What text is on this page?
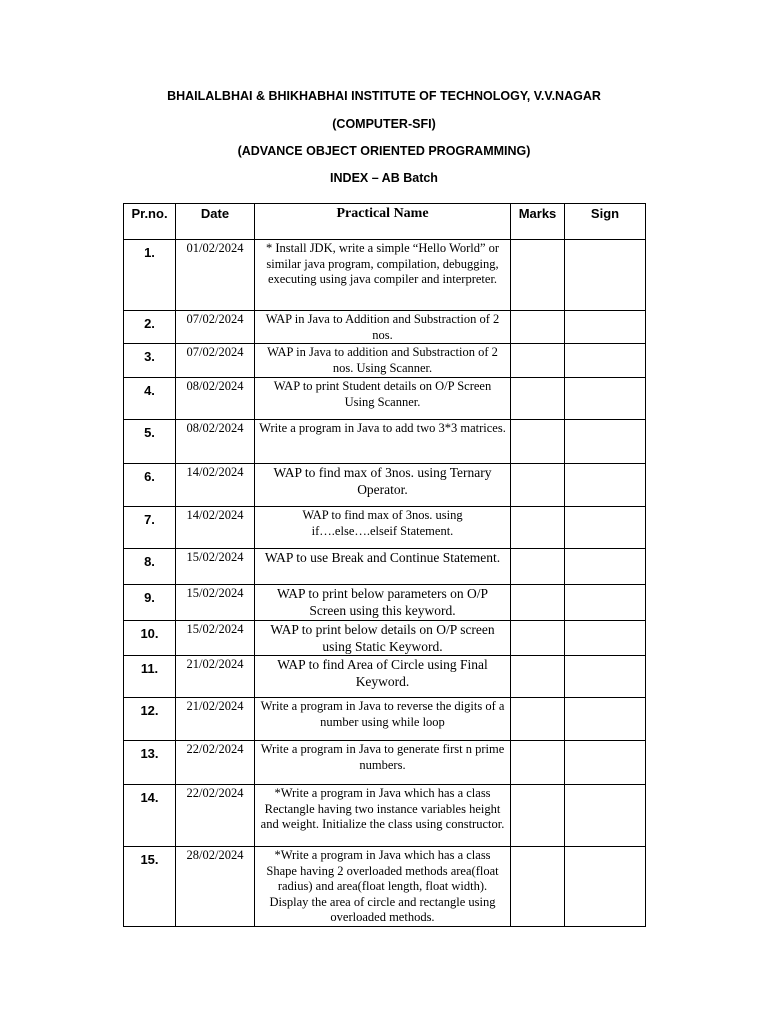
BHAILALBHAI & BHIKHABHAI INSTITUTE OF TECHNOLOGY, V.V.NAGAR
(COMPUTER-SFI)
(ADVANCE OBJECT ORIENTED PROGRAMMING)
INDEX – AB Batch
Pr.no.	Date	Practical Name	Marks	Sign
1.	01/02/2024	* Install JDK, write a simple “Hello World” or similar java program, compilation, debugging, executing using java compiler and interpreter.		
2.	07/02/2024	WAP in Java to Addition and Substraction of 2 nos.		
3.	07/02/2024	WAP in Java to addition and Substraction of 2 nos. Using Scanner.		
4.	08/02/2024	WAP to print Student details on O/P Screen Using Scanner.		
5.	08/02/2024	Write a program in Java to add two 3*3 matrices.		
6.	14/02/2024	WAP to find max of 3nos. using Ternary Operator.		
7.	14/02/2024	WAP to find max of 3nos. using if….else….elseif Statement.		
8.	15/02/2024	WAP to use Break and Continue Statement.		
9.	15/02/2024	WAP to print below parameters on O/P Screen using this keyword.		
10.	15/02/2024	WAP to print below details on O/P screen using Static Keyword.		
11.	21/02/2024	WAP to find Area of Circle using Final Keyword.		
12.	21/02/2024	Write a program in Java to reverse the digits of a number using while loop		
13.	22/02/2024	Write a program in Java to generate first n prime numbers.		
14.	22/02/2024	*Write a program in Java which has a class Rectangle having two instance variables height and weight. Initialize the class using constructor.		
15.	28/02/2024	*Write a program in Java which has a class Shape having 2 overloaded methods area(float radius) and area(float length, float width). Display the area of circle and rectangle using overloaded methods.		
